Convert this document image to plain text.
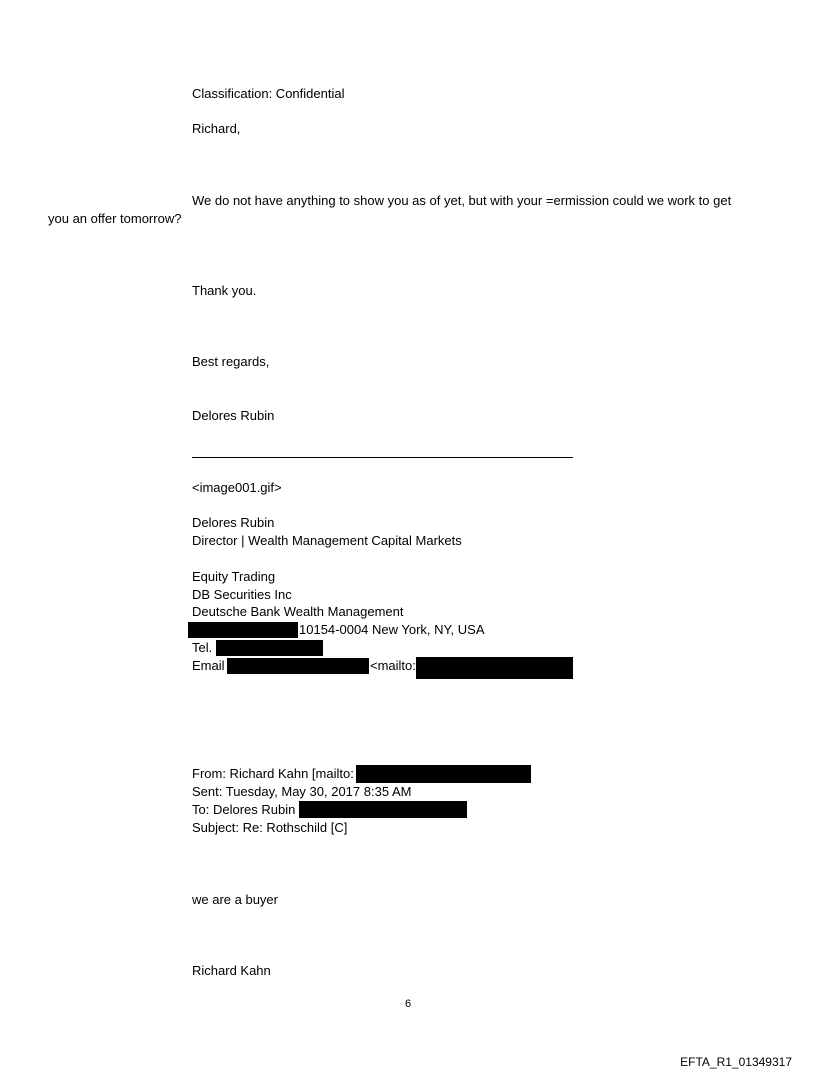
Classification: Confidential
Richard,
We do not have anything to show you as of yet, but with your =ermission could we work to get
you an offer tomorrow?
Thank you.
Best regards,
Delores Rubin
<image001.gif>
Delores Rubin
Director | Wealth Management Capital Markets
Equity Trading
DB Securities Inc
Deutsche Bank Wealth Management
10154-0004 New York, NY, USA
Tel.
Email	<mailto:
From: Richard Kahn [mailto:
Sent: Tuesday, May 30, 2017 8:35 AM
To: Delores Rubin
Subject: Re: Rothschild [C]
we are a buyer
Richard Kahn
6
EFTA_R1_01349317
